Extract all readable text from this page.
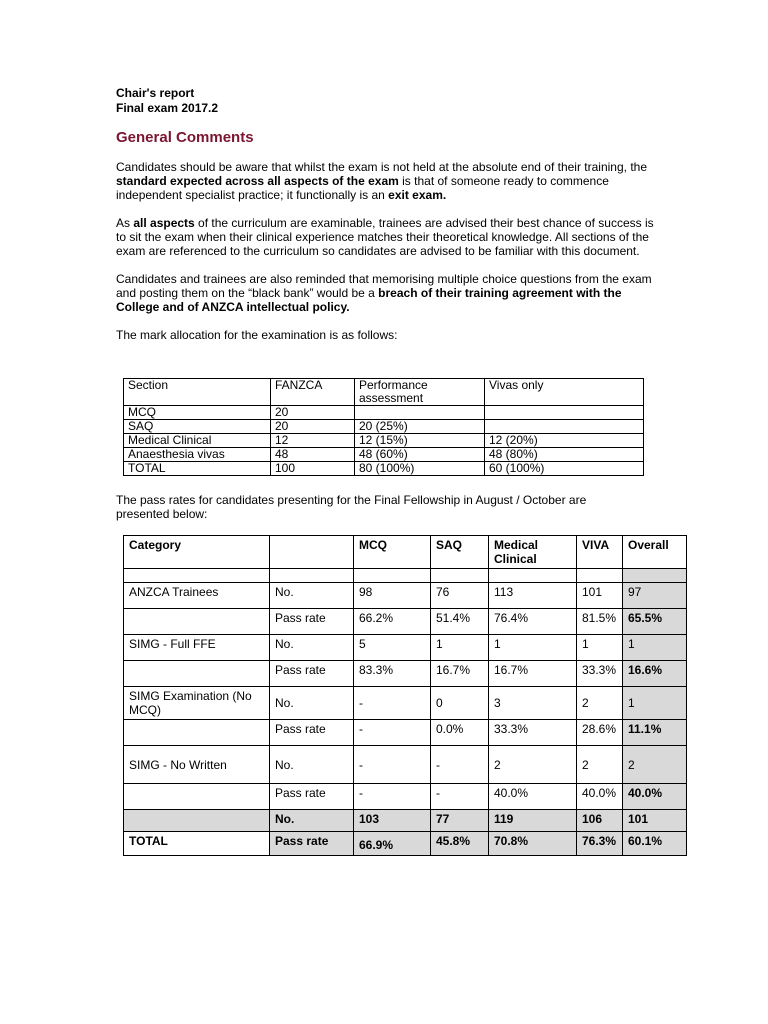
Chair's report
Final exam 2017.2
General Comments

Candidates should be aware that whilst the exam is not held at the absolute end of their training, the standard expected across all aspects of the exam is that of someone ready to commence independent specialist practice; it functionally is an exit exam.

As all aspects of the curriculum are examinable, trainees are advised their best chance of success is to sit the exam when their clinical experience matches their theoretical knowledge. All sections of the exam are referenced to the curriculum so candidates are advised to be familiar with this document.

Candidates and trainees are also reminded that memorising multiple choice questions from the exam and posting them on the “black bank” would be a breach of their training agreement with the College and of ANZCA intellectual policy.

The mark allocation for the examination is as follows:

Section	FANZCA	Performance assessment	Vivas only
MCQ	20		
SAQ	20	20 (25%)	
Medical Clinical	12	12 (15%)	12 (20%)
Anaesthesia vivas	48	48 (60%)	48 (80%)
TOTAL	100	80 (100%)	60 (100%)

The pass rates for candidates presenting for the Final Fellowship in August / October are presented below:

Category		MCQ	SAQ	Medical Clinical	VIVA	Overall

ANZCA Trainees	No.	98	76	113	101	97
	Pass rate	66.2%	51.4%	76.4%	81.5%	65.5%
SIMG - Full FFE	No.	5	1	1	1	1
	Pass rate	83.3%	16.7%	16.7%	33.3%	16.6%
SIMG Examination (No MCQ)	No.	-	0	3	2	1
	Pass rate	-	0.0%	33.3%	28.6%	11.1%
SIMG - No Written	No.	-	-	2	2	2
	Pass rate	-	-	40.0%	40.0%	40.0%
	No.	103	77	119	106	101
TOTAL	Pass rate	66.9%	45.8%	70.8%	76.3%	60.1%
